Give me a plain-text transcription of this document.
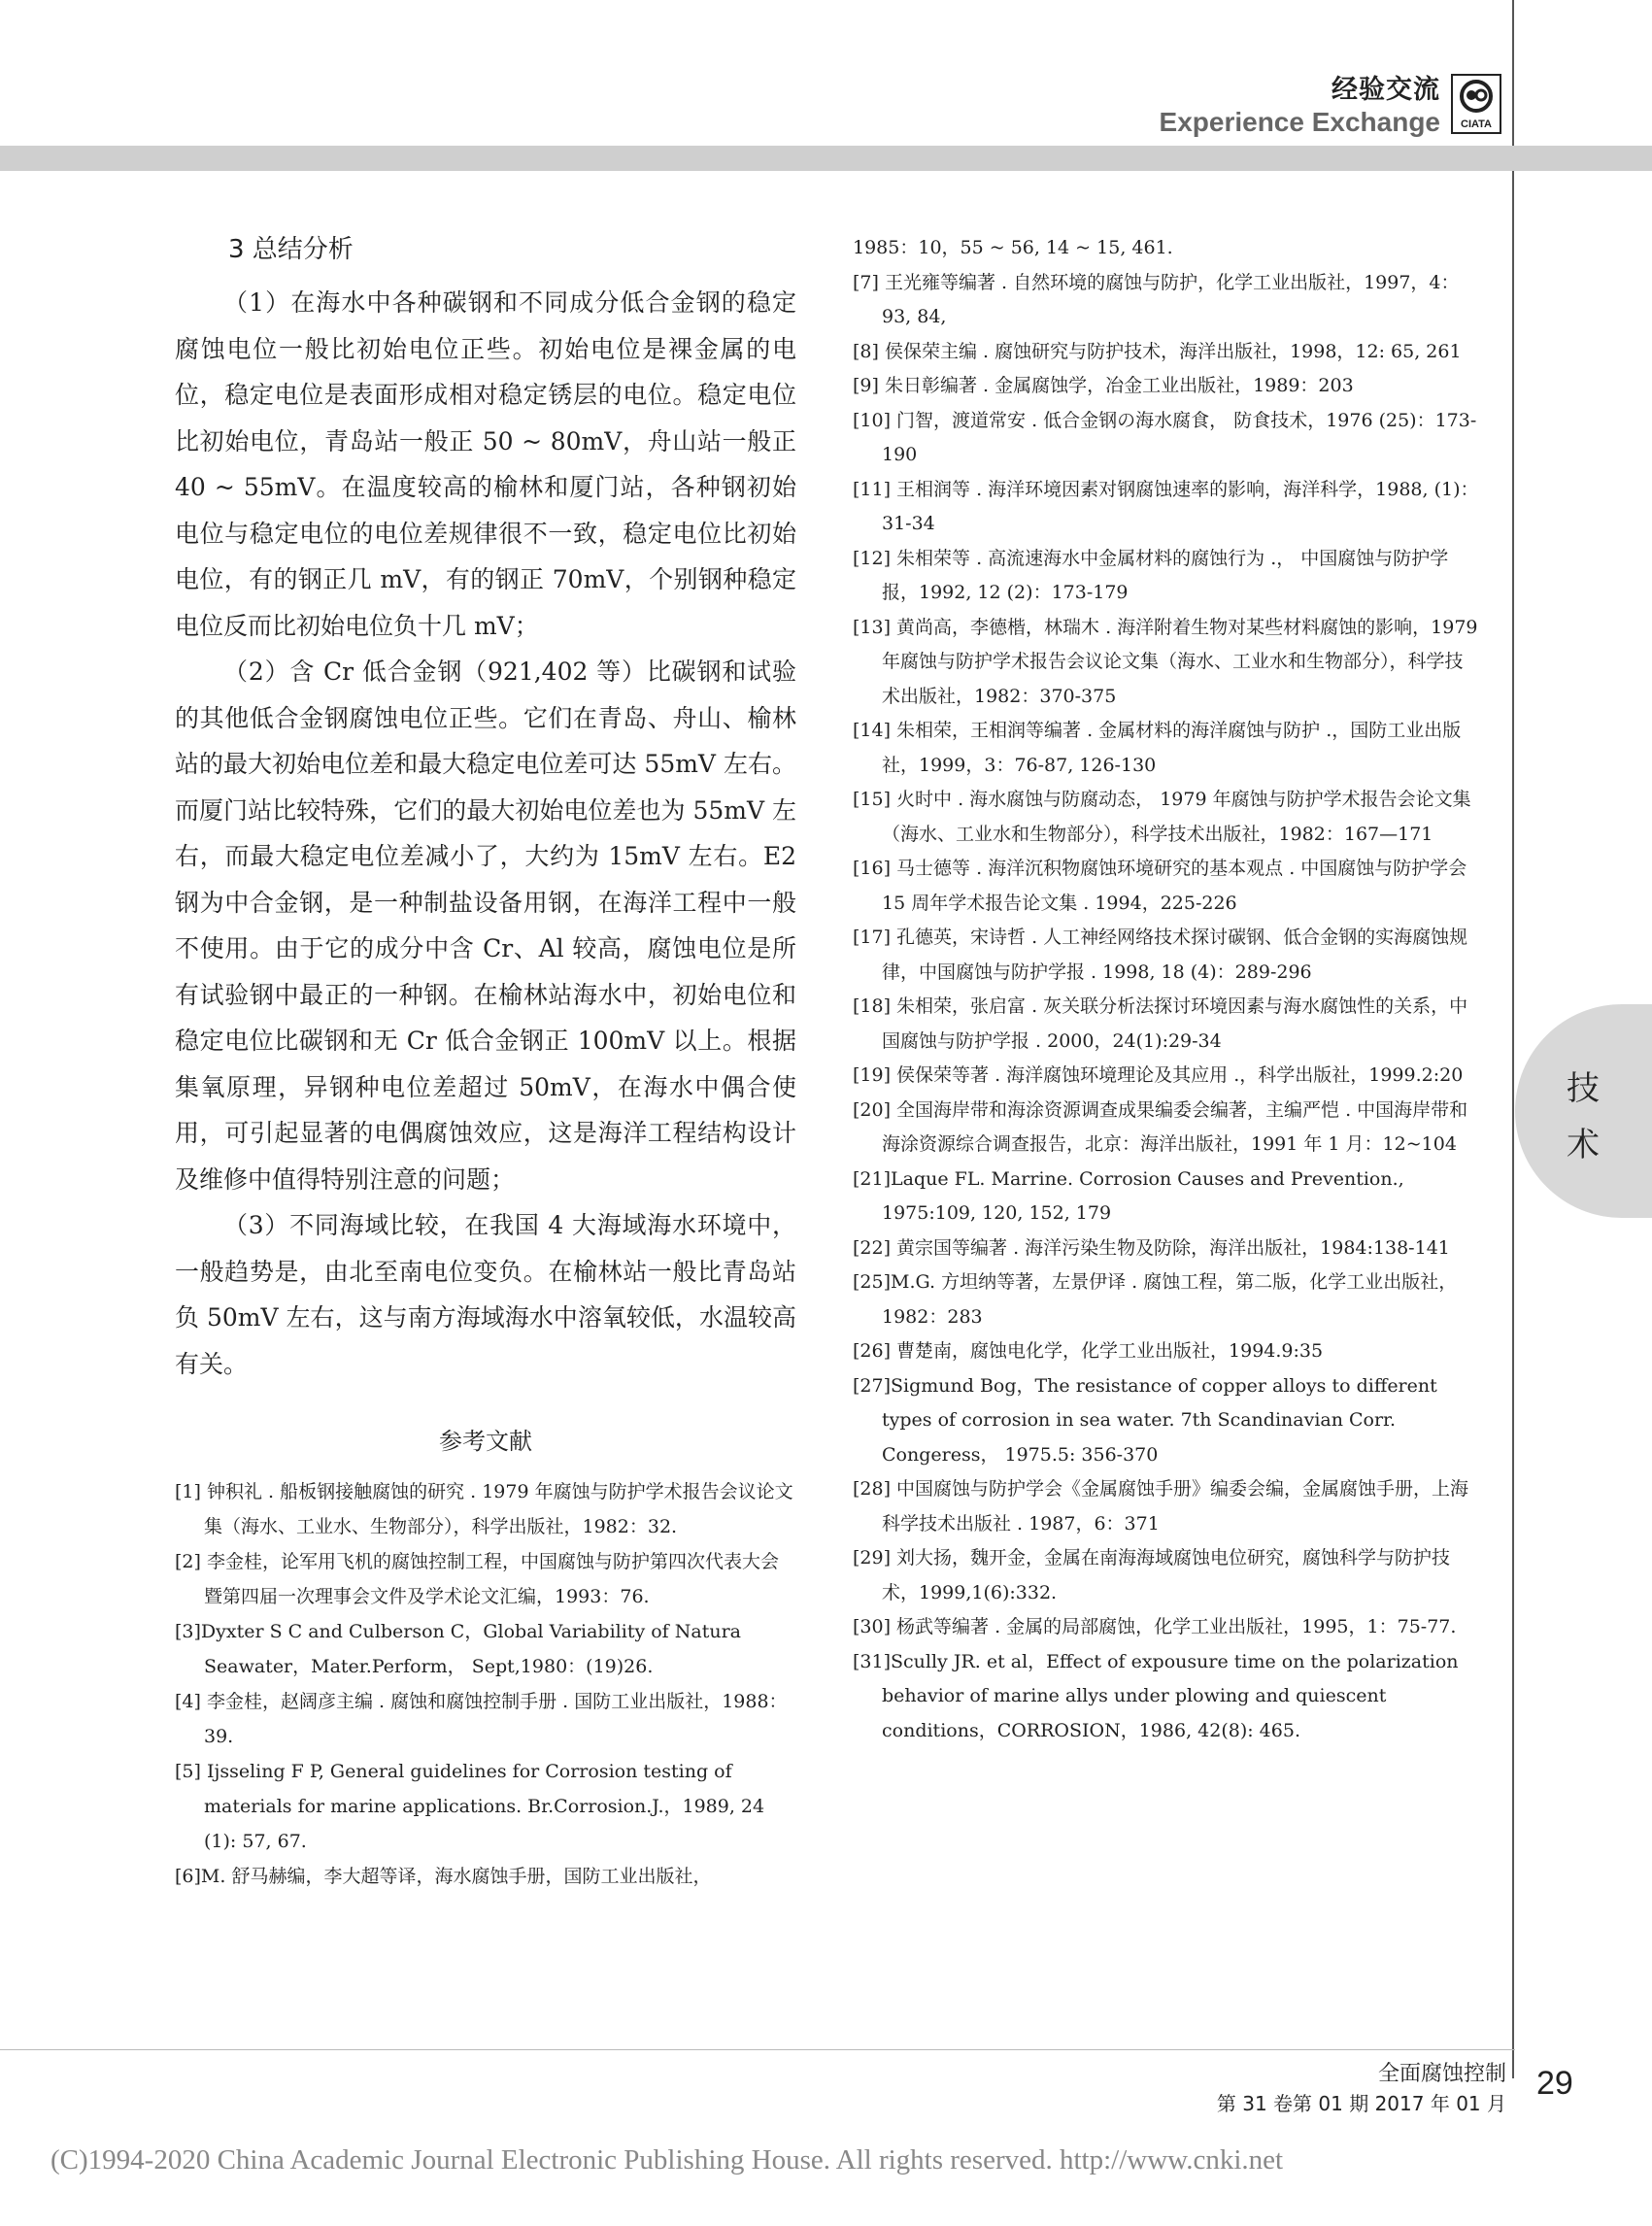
经验交流
Experience Exchange	CIATA
3 总结分析

（1）在海水中各种碳钢和不同成分低合金钢的稳定腐蚀电位一般比初始电位正些。初始电位是裸金属的电位，稳定电位是表面形成相对稳定锈层的电位。稳定电位比初始电位，青岛站一般正 50 ~ 80mV，舟山站一般正 40 ~ 55mV。在温度较高的榆林和厦门站，各种钢初始电位与稳定电位的电位差规律很不一致，稳定电位比初始电位，有的钢正几 mV，有的钢正 70mV，个别钢种稳定电位反而比初始电位负十几 mV；

（2）含 Cr 低合金钢（921,402 等）比碳钢和试验的其他低合金钢腐蚀电位正些。它们在青岛、舟山、榆林站的最大初始电位差和最大稳定电位差可达 55mV 左右。而厦门站比较特殊，它们的最大初始电位差也为 55mV 左右，而最大稳定电位差减小了，大约为 15mV 左右。E2 钢为中合金钢，是一种制盐设备用钢，在海洋工程中一般不使用。由于它的成分中含 Cr、Al 较高，腐蚀电位是所有试验钢中最正的一种钢。在榆林站海水中，初始电位和稳定电位比碳钢和无 Cr 低合金钢正 100mV 以上。根据集氧原理，异钢种电位差超过 50mV，在海水中偶合使用，可引起显著的电偶腐蚀效应，这是海洋工程结构设计及维修中值得特别注意的问题；

（3）不同海域比较，在我国 4 大海域海水环境中，一般趋势是，由北至南电位变负。在榆林站一般比青岛站负 50mV 左右，这与南方海域海水中溶氧较低，水温较高有关。

参考文献

[1] 钟积礼 . 船板钢接触腐蚀的研究 . 1979 年腐蚀与防护学术报告会议论文集（海水、工业水、生物部分），科学出版社，1982：32.

[2] 李金桂，论军用飞机的腐蚀控制工程，中国腐蚀与防护第四次代表大会暨第四届一次理事会文件及学术论文汇编，1993：76.

[3]Dyxter S C and Culberson C，Global Variability of Natura Seawater，Mater.Perform， Sept,1980：(19)26.

[4] 李金桂，赵阔彦主编 . 腐蚀和腐蚀控制手册 . 国防工业出版社，1988：39.

[5] Ijsseling F P, General guidelines for Corrosion testing of materials for marine applications. Br.Corrosion.J.，1989, 24 (1): 57, 67.

[6]M. 舒马赫编，李大超等译，海水腐蚀手册，国防工业出版社，

1985：10，55 ~ 56, 14 ~ 15, 461.

[7] 王光雍等编著 . 自然环境的腐蚀与防护，化学工业出版社，1997，4：93, 84,

[8] 侯保荣主编 . 腐蚀研究与防护技术，海洋出版社，1998，12: 65, 261

[9] 朱日彰编著 . 金属腐蚀学，冶金工业出版社，1989：203

[10] 门智，渡道常安 . 低合金钢の海水腐食， 防食技术，1976 (25)：173-190

[11] 王相润等 . 海洋环境因素对钢腐蚀速率的影响，海洋科学，1988, (1)：31-34

[12] 朱相荣等 . 高流速海水中金属材料的腐蚀行为 .， 中国腐蚀与防护学报，1992, 12 (2)：173-179

[13] 黄尚高，李德楷，林瑞木 . 海洋附着生物对某些材料腐蚀的影响，1979 年腐蚀与防护学术报告会议论文集（海水、工业水和生物部分），科学技术出版社，1982：370-375

[14] 朱相荣，王相润等编著 . 金属材料的海洋腐蚀与防护 .，国防工业出版社，1999，3：76-87, 126-130

[15] 火时中 . 海水腐蚀与防腐动态， 1979 年腐蚀与防护学术报告会论文集（海水、工业水和生物部分），科学技术出版社，1982：167—171

[16] 马士德等 . 海洋沉积物腐蚀环境研究的基本观点 . 中国腐蚀与防护学会 15 周年学术报告论文集 . 1994，225-226

[17] 孔德英，宋诗哲 . 人工神经网络技术探讨碳钢、低合金钢的实海腐蚀规律，中国腐蚀与防护学报 . 1998, 18 (4)：289-296

[18] 朱相荣，张启富 . 灰关联分析法探讨环境因素与海水腐蚀性的关系，中国腐蚀与防护学报 . 2000，24(1):29-34

[19] 侯保荣等著 . 海洋腐蚀环境理论及其应用 .，科学出版社，1999.2:20

[20] 全国海岸带和海涂资源调查成果编委会编著，主编严恺 . 中国海岸带和海涂资源综合调查报告，北京：海洋出版社，1991 年 1 月：12~104

[21]Laque FL. Marrine. Corrosion Causes and Prevention., 1975:109, 120, 152, 179

[22] 黄宗国等编著 . 海洋污染生物及防除，海洋出版社，1984:138-141

[25]M.G. 方坦纳等著，左景伊译 . 腐蚀工程，第二版，化学工业出版社，1982：283

[26] 曹楚南，腐蚀电化学，化学工业出版社，1994.9:35

[27]Sigmund Bog，The resistance of copper alloys to different types of corrosion in sea water. 7th Scandinavian Corr. Congeress， 1975.5: 356-370

[28] 中国腐蚀与防护学会《金属腐蚀手册》编委会编，金属腐蚀手册，上海科学技术出版社 . 1987，6：371

[29] 刘大扬，魏开金，金属在南海海域腐蚀电位研究，腐蚀科学与防护技术，1999,1(6):332.

[30] 杨武等编著 . 金属的局部腐蚀，化学工业出版社，1995，1：75-77.

[31]Scully JR. et al，Effect of expousure time on the polarization behavior of marine allys under plowing and quiescent conditions，CORROSION，1986, 42(8): 465.

技术
全面腐蚀控制
第 31 卷第 01 期 2017 年 01 月
29
(C)1994-2020 China Academic Journal Electronic Publishing House. All rights reserved. http://www.cnki.net
